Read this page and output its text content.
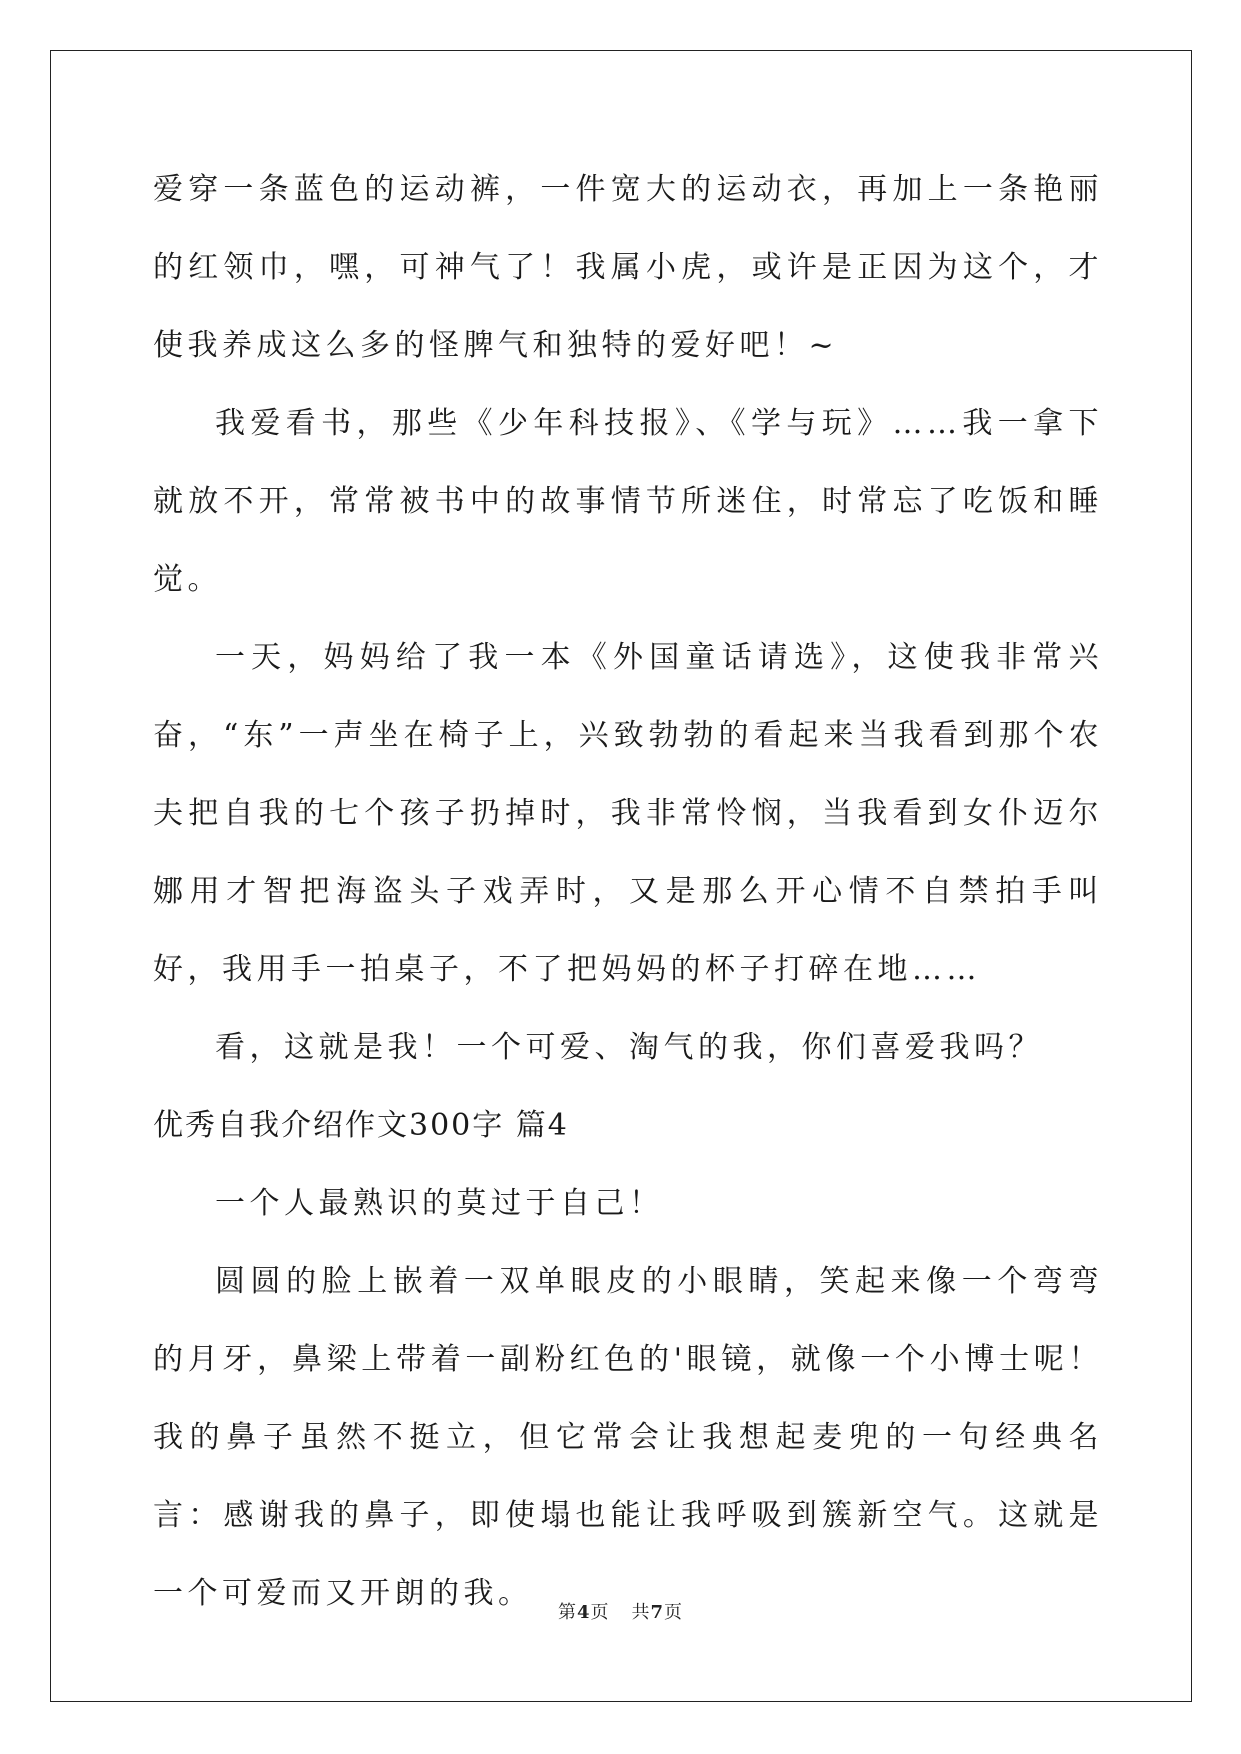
爱穿一条蓝色的运动裤，一件宽大的运动衣，再加上一条艳丽的红领巾，嘿，可神气了！我属小虎，或许是正因为这个，才使我养成这么多的怪脾气和独特的爱好吧！~

我爱看书，那些《少年科技报》、《学与玩》……我一拿下就放不开，常常被书中的故事情节所迷住，时常忘了吃饭和睡觉。

一天，妈妈给了我一本《外国童话请选》，这使我非常兴奋，“东”一声坐在椅子上，兴致勃勃的看起来当我看到那个农夫把自我的七个孩子扔掉时，我非常怜悯，当我看到女仆迈尔娜用才智把海盗头子戏弄时，又是那么开心情不自禁拍手叫好，我用手一拍桌子，不了把妈妈的杯子打碎在地……

看，这就是我！一个可爱、淘气的我，你们喜爱我吗？

优秀自我介绍作文300字 篇4

一个人最熟识的莫过于自己！

圆圆的脸上嵌着一双单眼皮的小眼睛，笑起来像一个弯弯的月牙，鼻梁上带着一副粉红色的'眼镜，就像一个小博士呢！我的鼻子虽然不挺立，但它常会让我想起麦兜的一句经典名言：感谢我的鼻子，即使塌也能让我呼吸到簇新空气。这就是一个可爱而又开朗的我。

第4页 共7页
